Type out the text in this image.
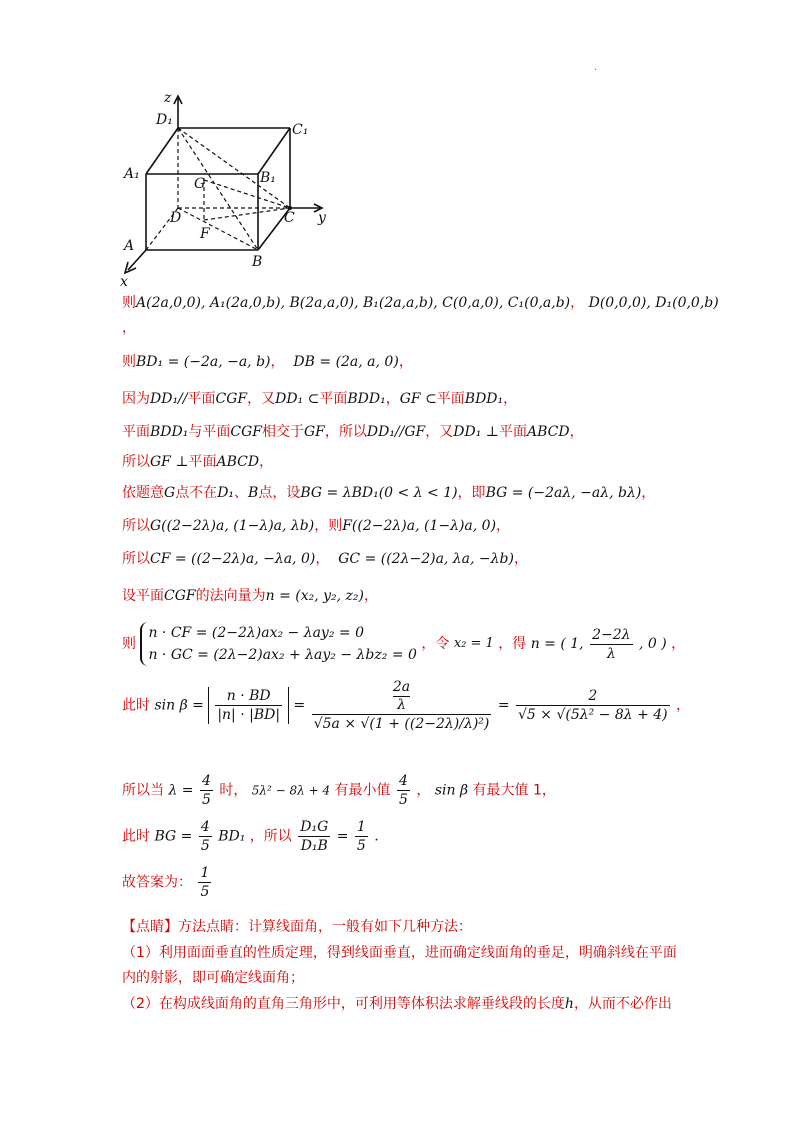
.
z
D₁
C₁
A₁	B₁
G
D	C y
F
A
B
x
则A(2a,0,0), A₁(2a,0,b), B(2a,a,0), B₁(2a,a,b), C(0,a,0), C₁(0,a,b)， D(0,0,0), D₁(0,0,b)
，
则BD₁ = (−2a, −a, b)， DB = (2a, a, 0)，
因为DD₁//平面CGF，又DD₁ ⊂平面BDD₁，GF ⊂平面BDD₁，
平面BDD₁与平面CGF相交于GF，所以DD₁//GF，又DD₁ ⊥平面ABCD，
所以GF ⊥平面ABCD，
依题意G点不在D₁、B点，设BG = λBD₁(0 < λ < 1)，即BG = (−2aλ, −aλ, bλ)，
所以G((2−2λ)a, (1−λ)a, λb)，则F((2−2λ)a, (1−λ)a, 0)，
所以CF = ((2−2λ)a, −λa, 0)， GC = ((2λ−2)a, λa, −λb)，
设平面CGF的法向量为n = (x₂, y₂, z₂)，
则 n · CF = (2−2λ)ax₂ − λay₂ = 0
n · GC = (2λ−2)ax₂ + λay₂ − λbz₂ = 0 ，令 x₂ = 1 ，得 n = ( 1, $\frac{2-2\lambda}{\lambda}$ , 0 ) ，
此时 $\sin \beta = \frac{n \cdot BD}{|n| \cdot |BD|}$ =
2a
λ
√5a × √(1 + ((2−2λ)/λ)²)
= $\frac{2}{\text{√5 × √(5λ² − 8λ + 4)}}$ ，
所以当 $\lambda = \frac{4}{5}$ 时， 5λ² − 8λ + 4 有最小值 $\frac{4}{5}$ ， sin β 有最大值 1，
此时 BG = $\frac{4}{5} BD_1$ ，所以 $\frac{\text{D₁G}}{\text{D₁B}} = \frac{1}{5}$ .
故答案为： $\frac{1}{5}$
【点睛】方法点睛：计算线面角，一般有如下几种方法：
（1）利用面面垂直的性质定理，得到线面垂直，进而确定线面角的垂足，明确斜线在平面
内的射影，即可确定线面角；
（2）在构成线面角的直角三角形中，可利用等体积法求解垂线段的长度h，从而不必作出
